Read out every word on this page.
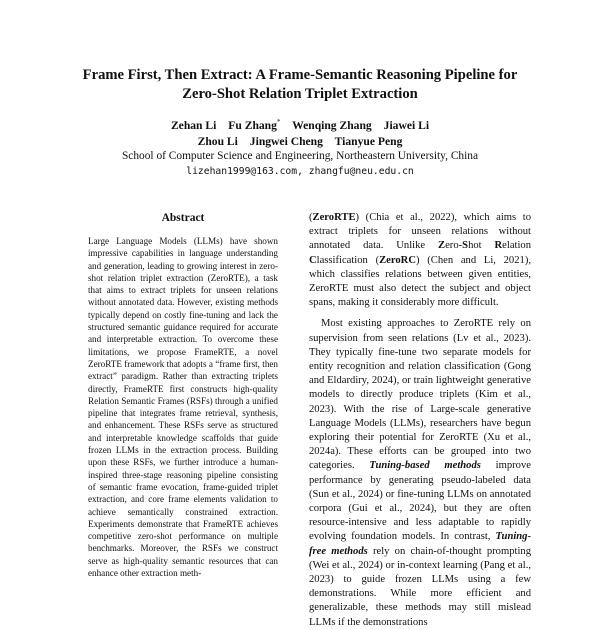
Frame First, Then Extract: A Frame-Semantic Reasoning Pipeline for
Zero-Shot Relation Triplet Extraction
Zehan Li Fu Zhang* Wenqing Zhang Jiawei Li
Zhou Li Jingwei Cheng Tianyue Peng
School of Computer Science and Engineering, Northeastern University, China
lizehan1999@163.com, zhangfu@neu.edu.cn
Abstract

Large Language Models (LLMs) have shown impressive capabilities in language understanding and generation, leading to growing interest in zero-shot relation triplet extraction (ZeroRTE), a task that aims to extract triplets for unseen relations without annotated data. However, existing methods typically depend on costly fine-tuning and lack the structured semantic guidance required for accurate and interpretable extraction. To overcome these limitations, we propose FrameRTE, a novel ZeroRTE framework that adopts a “frame first, then extract” paradigm. Rather than extracting triplets directly, FrameRTE first constructs high-quality Relation Semantic Frames (RSFs) through a unified pipeline that integrates frame retrieval, synthesis, and enhancement. These RSFs serve as structured and interpretable knowledge scaffolds that guide frozen LLMs in the extraction process. Building upon these RSFs, we further introduce a human-inspired three-stage reasoning pipeline consisting of semantic frame evocation, frame-guided triplet extraction, and core frame elements validation to achieve semantically constrained extraction. Experiments demonstrate that FrameRTE achieves competitive zero-shot performance on multiple benchmarks. Moreover, the RSFs we construct serve as high-quality semantic resources that can enhance other extraction meth-

(ZeroRTE) (Chia et al., 2022), which aims to extract triplets for unseen relations without annotated data. Unlike Zero-Shot Relation Classification (ZeroRC) (Chen and Li, 2021), which classifies relations between given entities, ZeroRTE must also detect the subject and object spans, making it considerably more difficult.

Most existing approaches to ZeroRTE rely on supervision from seen relations (Lv et al., 2023). They typically fine-tune two separate models for entity recognition and relation classification (Gong and Eldardiry, 2024), or train lightweight generative models to directly produce triplets (Kim et al., 2023). With the rise of Large-scale generative Language Models (LLMs), researchers have begun exploring their potential for ZeroRTE (Xu et al., 2024a). These efforts can be grouped into two categories. Tuning-based methods improve performance by generating pseudo-labeled data (Sun et al., 2024) or fine-tuning LLMs on annotated corpora (Gui et al., 2024), but they are often resource-intensive and less adaptable to rapidly evolving foundation models. In contrast, Tuning-free methods rely on chain-of-thought prompting (Wei et al., 2024) or in-context learning (Pang et al., 2023) to guide frozen LLMs using a few demonstrations. While more efficient and generalizable, these methods may still mislead LLMs if the demonstrations
